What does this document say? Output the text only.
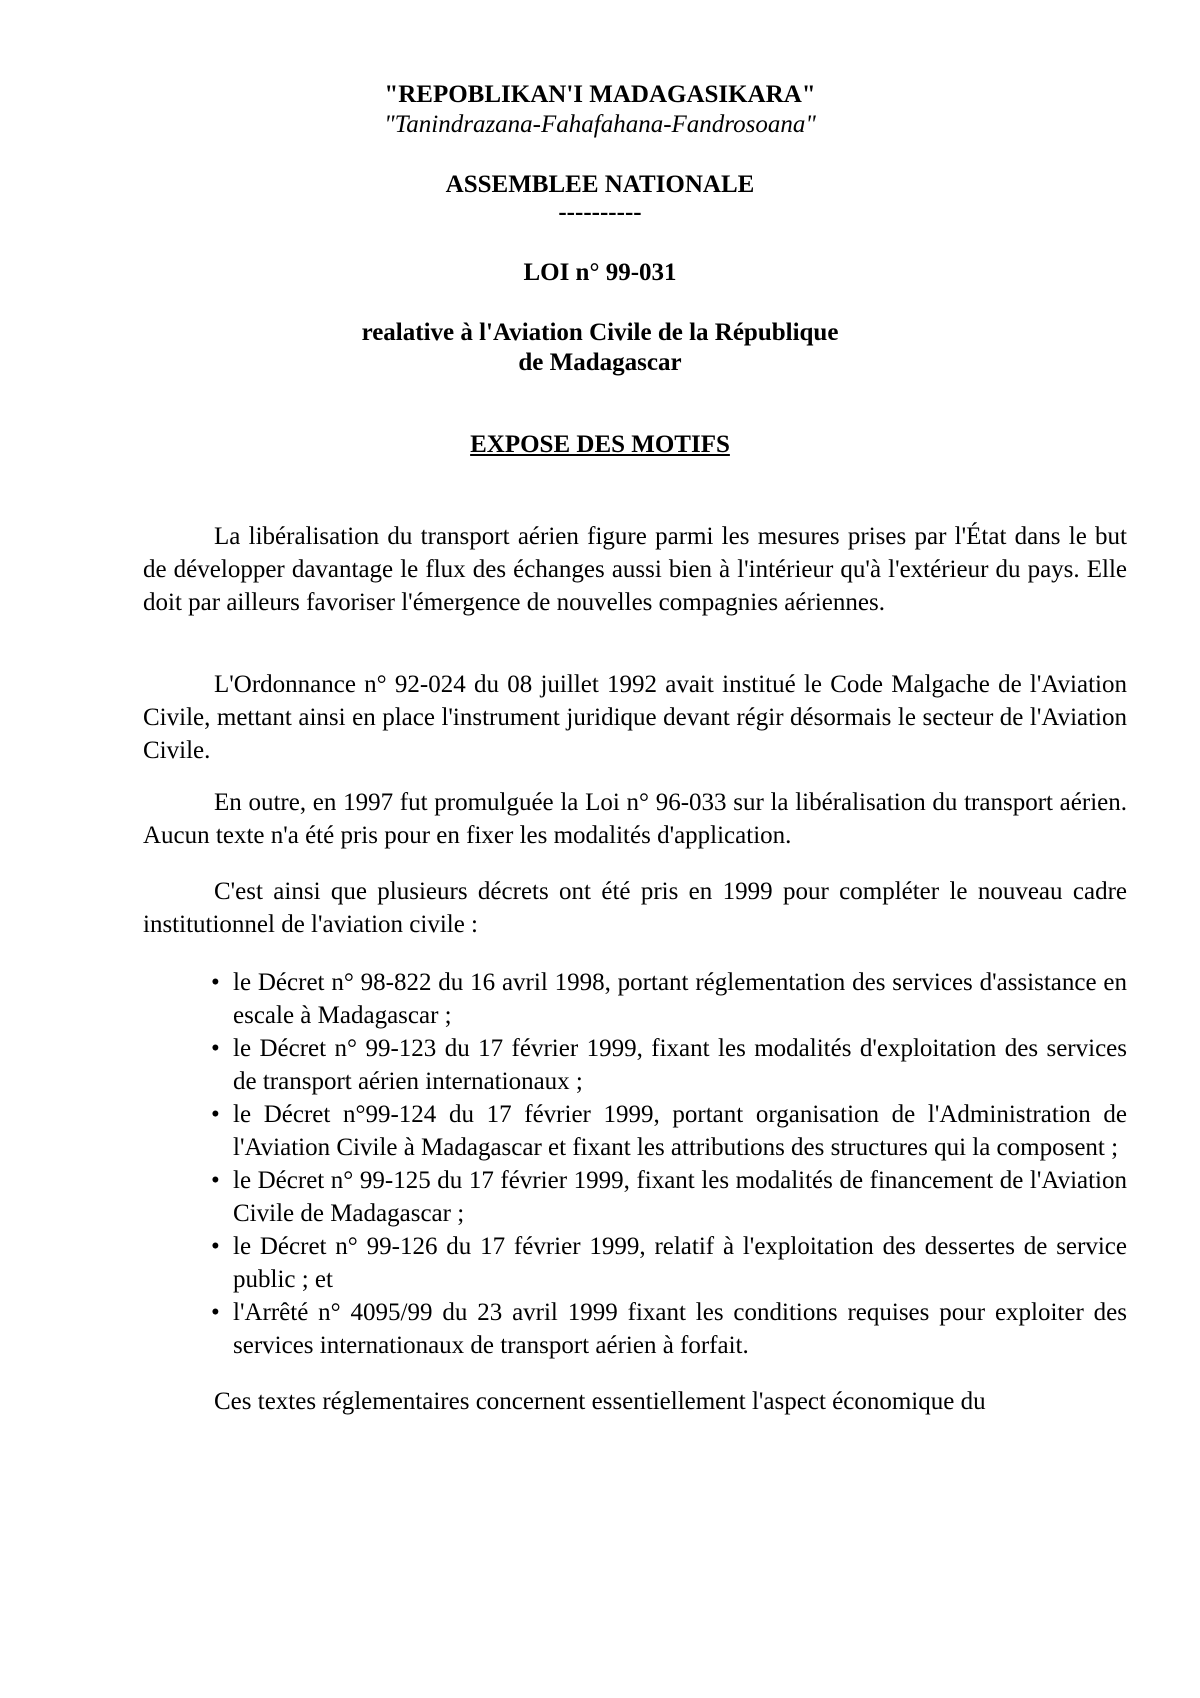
"REPOBLIKAN'I MADAGASIKARA"
"Tanindrazana-Fahafahana-Fandrosoana"
ASSEMBLEE NATIONALE
----------
LOI n° 99-031
realative à l'Aviation Civile de la République
de Madagascar
EXPOSE DES MOTIFS

La libéralisation du transport aérien figure parmi les mesures prises par l'État dans le but de développer davantage le flux des échanges aussi bien à l'intérieur qu'à l'extérieur du pays. Elle doit par ailleurs favoriser l'émergence de nouvelles compagnies aériennes.

L'Ordonnance n° 92-024 du 08 juillet 1992 avait institué le Code Malgache de l'Aviation Civile, mettant ainsi en place l'instrument juridique devant régir désormais le secteur de l'Aviation Civile.

En outre, en 1997 fut promulguée la Loi n° 96-033 sur la libéralisation du transport aérien. Aucun texte n'a été pris pour en fixer les modalités d'application.

C'est ainsi que plusieurs décrets ont été pris en 1999 pour compléter le nouveau cadre institutionnel de l'aviation civile :

• le Décret n° 98-822 du 16 avril 1998, portant réglementation des services d'assistance en escale à Madagascar ;
• le Décret n° 99-123 du 17 février 1999, fixant les modalités d'exploitation des services de transport aérien internationaux ;
• le Décret n°99-124 du 17 février 1999, portant organisation de l'Administration de l'Aviation Civile à Madagascar et fixant les attributions des structures qui la composent ;
• le Décret n° 99-125 du 17 février 1999, fixant les modalités de financement de l'Aviation Civile de Madagascar ;
• le Décret n° 99-126 du 17 février 1999, relatif à l'exploitation des dessertes de service public ; et
• l'Arrêté n° 4095/99 du 23 avril 1999 fixant les conditions requises pour exploiter des services internationaux de transport aérien à forfait.

Ces textes réglementaires concernent essentiellement l'aspect économique du
